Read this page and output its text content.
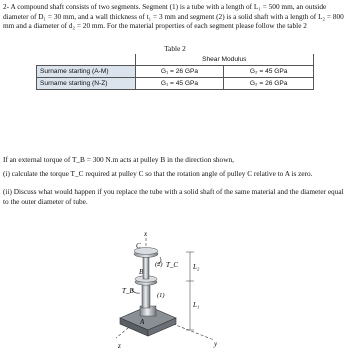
2- A compound shaft consists of two segments. Segment (1) is a tube with a length of L₁ = 500 mm, an outside diameter of D₁ = 30 mm, and a wall thickness of t₁ = 3 mm and segment (2) is a solid shaft with a length of L₂ = 800 mm and a diameter of d₂ = 20 mm. For the material properties of each segment please follow the table 2
Table 2
	Shear Modulus	
Surname starting (A-M)	G₁ = 26 GPa	G₂ = 45 GPa
Surname starting (N-Z)	G₁ = 45 GPa	G₂ = 26 GPa
If an external torque of T_B = 300 N.m acts at pulley B in the direction shown,
(i) calculate the torque T_C required at pulley C so that the rotation angle of pulley C relative to A is zero.
(ii) Discuss what would happen if you replace the tube with a solid shaft of the same material and the diameter equal to the outer diameter of tube.
x
z	y
A
(1)
B
T_B
(2)
C
T_C L₂
L₁
